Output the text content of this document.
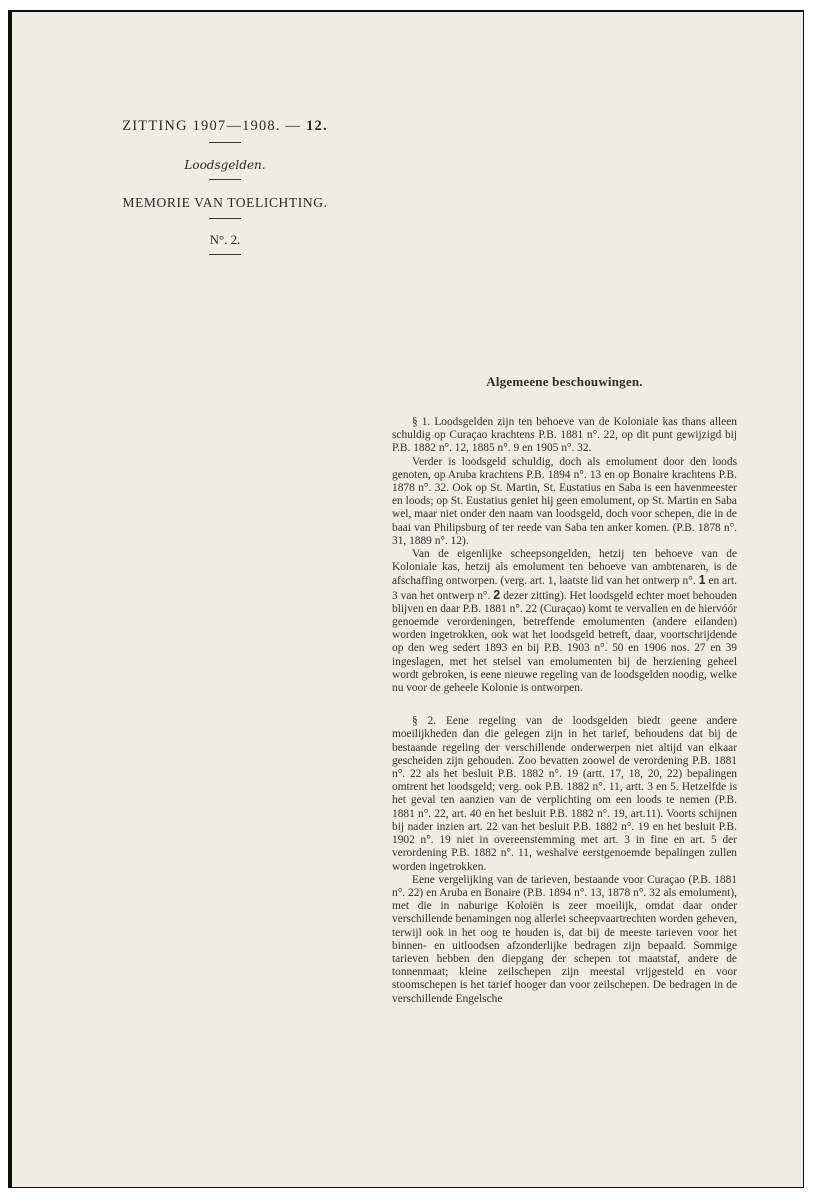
ZITTING 1907—1908. — 12.
Loodsgelden.
MEMORIE VAN TOELICHTING.
N°. 2.
Algemeene beschouwingen.

§ 1. Loodsgelden zijn ten behoeve van de Koloniale kas thans alleen schuldig op Curaçao krachtens P.B. 1881 n°. 22, op dit punt gewijzigd bij P.B. 1882 n°. 12, 1885 n°. 9 en 1905 n°. 32.

Verder is loodsgeld schuldig, doch als emolument door den loods genoten, op Aruba krachtens P.B. 1894 n°. 13 en op Bonaire krachtens P.B. 1878 n°. 32. Ook op St. Martin, St. Eustatius en Saba is een havenmeester en loods; op St. Eustatius geniet hij geen emolument, op St. Martin en Saba wel, maar niet onder den naam van loodsgeld, doch voor schepen, die in de baai van Philipsburg of ter reede van Saba ten anker komen. (P.B. 1878 n°. 31, 1889 n°. 12).

Van de eigenlijke scheepsongelden, hetzij ten behoeve van de Koloniale kas, hetzij als emolument ten behoeve van ambtenaren, is de afschaffing ontworpen. (verg. art. 1, laatste lid van het ontwerp n°. 1 en art. 3 van het ontwerp n°. 2 dezer zitting). Het loodsgeld echter moet behouden blijven en daar P.B. 1881 n°. 22 (Curaçao) komt te vervallen en de hiervóór genoemde verordeningen, betreffende emolumenten (andere eilanden) worden ingetrokken, ook wat het loodsgeld betreft, daar, voortschrijdende op den weg sedert 1893 en bij P.B. 1903 n°. 50 en 1906 nos. 27 en 39 ingeslagen, met het stelsel van emolumenten bij de herziening geheel wordt gebroken, is eene nieuwe regeling van de loodsgelden noodig, welke nu voor de geheele Kolonie is ontworpen.

§ 2. Eene regeling van de loodsgelden biedt geene andere moeilijkheden dan die gelegen zijn in het tarief, behoudens dat bij de bestaande regeling der verschillende onderwerpen niet altijd van elkaar gescheiden zijn gehouden. Zoo bevatten zoowel de verordening P.B. 1881 n°. 22 als het besluit P.B. 1882 n°. 19 (artt. 17, 18, 20, 22) bepalingen omtrent het loodsgeld; verg. ook P.B. 1882 n°. 11, artt. 3 en 5. Hetzelfde is het geval ten aanzien van de verplichting om een loods te nemen (P.B. 1881 n°. 22, art. 40 en het besluit P.B. 1882 n°. 19, art.11). Voorts schijnen bij nader inzien art. 22 van het besluit P.B. 1882 n°. 19 en het besluit P.B. 1902 n°. 19 niet in overeenstemming met art. 3 in fine en art. 5 der verordening P.B. 1882 n°. 11, weshalve eerstgenoemde bepalingen zullen worden ingetrokken.

Eene vergelijking van de tarieven, bestaande voor Curaçao (P.B. 1881 n°. 22) en Aruba en Bonaire (P.B. 1894 n°. 13, 1878 n°. 32 als emolument), met die in naburige Koloiën is zeer moeilijk, omdat daar onder verschillende benamingen nog allerlei scheepvaartrechten worden geheven, terwijl ook in het oog te houden is, dat bij de meeste tarieven voor het binnen- en uitloodsen afzonderlijke bedragen zijn bepaald. Sommige tarieven hebben den diepgang der schepen tot maatstaf, andere de tonnenmaat; kleine zeilschepen zijn meestal vrijgesteld en voor stoomschepen is het tarief hooger dan voor zeilschepen. De bedragen in de verschillende Engelsche
